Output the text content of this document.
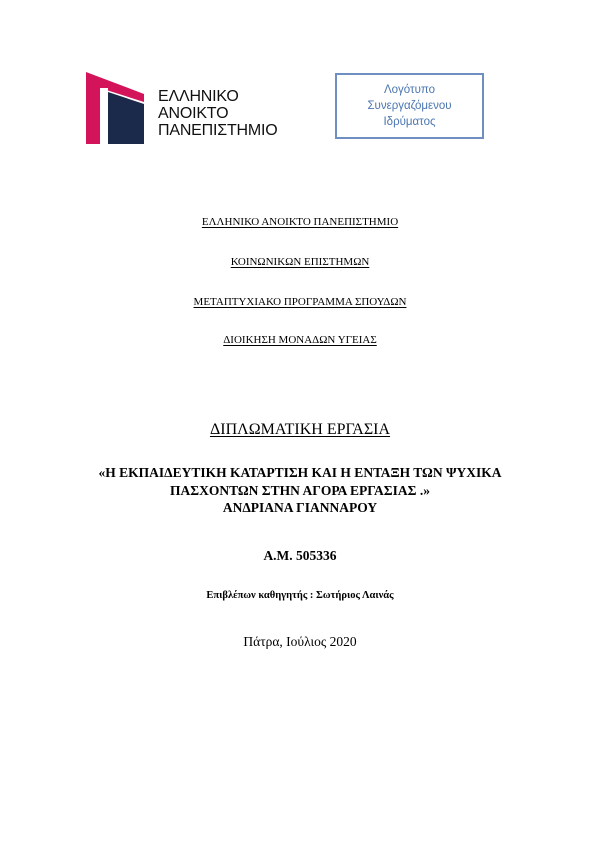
ΕΛΛΗΝΙΚΟ
ΑΝΟΙΚΤΟ
ΠΑΝΕΠΙΣΤΗΜΙΟ
Λογότυπο
Συνεργαζόμενου
Ιδρύματος
ΕΛΛΗΝΙΚΟ ΑΝΟΙΚΤΟ ΠΑΝΕΠΙΣΤΗΜΙΟ
ΚΟΙΝΩΝΙΚΩΝ ΕΠΙΣΤΗΜΩΝ
ΜΕΤΑΠΤΥΧΙΑΚΟ ΠΡΟΓΡΑΜΜΑ ΣΠΟΥΔΩΝ
ΔΙΟΙΚΗΣΗ ΜΟΝΑΔΩΝ ΥΓΕΙΑΣ
ΔΙΠΛΩΜΑΤΙΚΗ ΕΡΓΑΣΙΑ
«Η ΕΚΠΑΙΔΕΥΤΙΚΗ ΚΑΤΑΡΤΙΣΗ ΚΑΙ Η ΕΝΤΑΞΗ ΤΩΝ ΨΥΧΙΚΑ
ΠΑΣΧΟΝΤΩΝ ΣΤΗΝ ΑΓΟΡΑ ΕΡΓΑΣΙΑΣ .»
ΑΝΔΡΙΑΝΑ ΓΙΑΝΝΑΡΟΥ
Α.Μ. 505336
Επιβλέπων καθηγητής : Σωτήριος Λαινάς
Πάτρα, Ιούλιος 2020
